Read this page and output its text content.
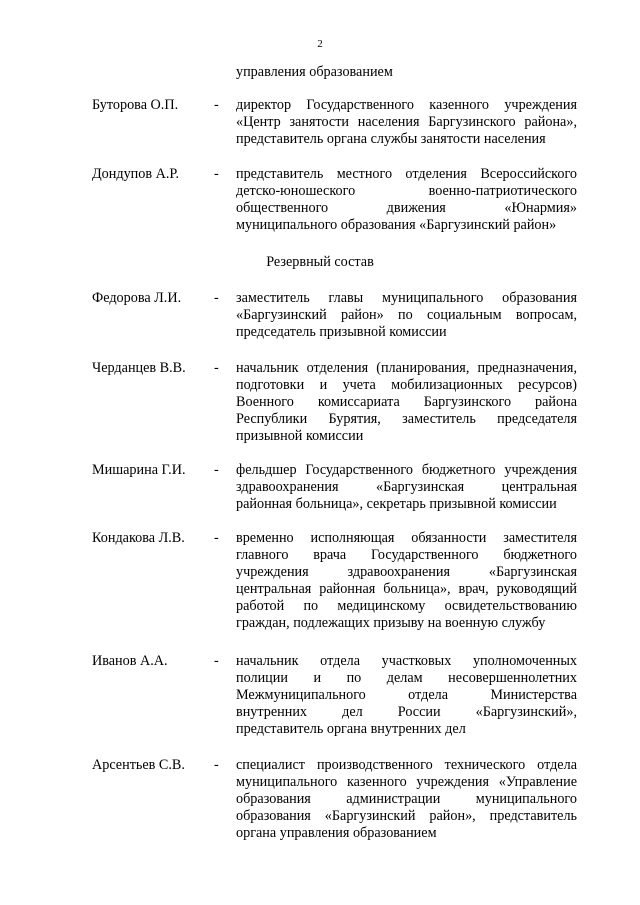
2
управления образованием
Буторова О.П.	- директор Государственного казенного учреждения
«Центр занятости населения Баргузинского района»,
представитель органа службы занятости населения
Дондупов А.Р. - представитель местного отделения Всероссийского
детско-юношеского военно-патриотического
общественного движения «Юнармия»
муниципального образования «Баргузинский район»
Резервный состав
Федорова Л.И. - заместитель главы муниципального образования
«Баргузинский район» по социальным вопросам,
председатель призывной комиссии
Черданцев В.В. - начальник отделения (планирования, предназначения,
подготовки и учета мобилизационных ресурсов)
Военного комиссариата Баргузинского района
Республики Бурятия, заместитель председателя
призывной комиссии
Мишарина Г.И. - фельдшер Государственного бюджетного учреждения
здравоохранения «Баргузинская центральная
районная больница», секретарь призывной комиссии
Кондакова Л.В. - временно исполняющая обязанности заместителя
главного врача Государственного бюджетного
учреждения здравоохранения «Баргузинская
центральная районная больница», врач, руководящий
работой по медицинскому освидетельствованию
граждан, подлежащих призыву на военную службу
Иванов А.А.	- начальник отдела участковых уполномоченных
полиции и по делам несовершеннолетних
Межмуниципального отдела Министерства
внутренних дел России «Баргузинский»,
представитель органа внутренних дел
Арсентьев С.В. - специалист производственного технического отдела
муниципального казенного учреждения «Управление
образования администрации муниципального
образования «Баргузинский район», представитель
органа управления образованием
